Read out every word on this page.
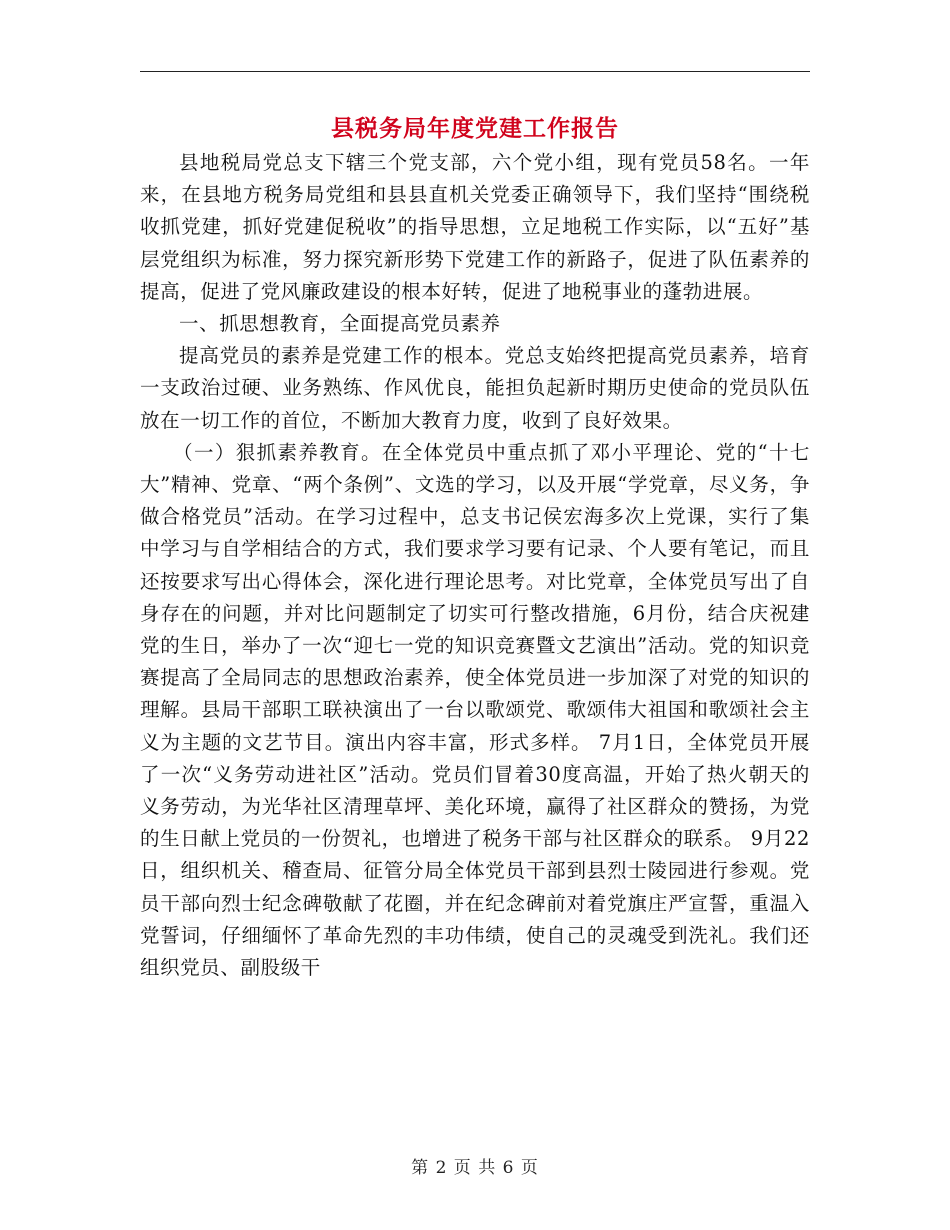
县税务局年度党建工作报告

县地税局党总支下辖三个党支部，六个党小组，现有党员58名。一年来，在县地方税务局党组和县县直机关党委正确领导下，我们坚持“围绕税收抓党建，抓好党建促税收”的指导思想，立足地税工作实际，以“五好”基层党组织为标准，努力探究新形势下党建工作的新路子，促进了队伍素养的提高，促进了党风廉政建设的根本好转，促进了地税事业的蓬勃进展。

一、抓思想教育，全面提高党员素养

提高党员的素养是党建工作的根本。党总支始终把提高党员素养，培育一支政治过硬、业务熟练、作风优良，能担负起新时期历史使命的党员队伍放在一切工作的首位，不断加大教育力度，收到了良好效果。

（一）狠抓素养教育。在全体党员中重点抓了邓小平理论、党的“十七大”精神、党章、“两个条例”、文选的学习，以及开展“学党章，尽义务，争做合格党员”活动。在学习过程中，总支书记侯宏海多次上党课，实行了集中学习与自学相结合的方式，我们要求学习要有记录、个人要有笔记，而且还按要求写出心得体会，深化进行理论思考。对比党章，全体党员写出了自身存在的问题，并对比问题制定了切实可行整改措施，6月份，结合庆祝建党的生日，举办了一次“迎七一党的知识竞赛暨文艺演出”活动。党的知识竞赛提高了全局同志的思想政治素养，使全体党员进一步加深了对党的知识的理解。县局干部职工联袂演出了一台以歌颂党、歌颂伟大祖国和歌颂社会主义为主题的文艺节目。演出内容丰富，形式多样。 7月1日，全体党员开展了一次“义务劳动进社区”活动。党员们冒着30度高温，开始了热火朝天的义务劳动，为光华社区清理草坪、美化环境，赢得了社区群众的赞扬，为党的生日献上党员的一份贺礼，也增进了税务干部与社区群众的联系。 9月22日，组织机关、稽查局、征管分局全体党员干部到县烈士陵园进行参观。党员干部向烈士纪念碑敬献了花圈，并在纪念碑前对着党旗庄严宣誓，重温入党誓词，仔细缅怀了革命先烈的丰功伟绩，使自己的灵魂受到洗礼。我们还组织党员、副股级干

第 2 页 共 6 页
